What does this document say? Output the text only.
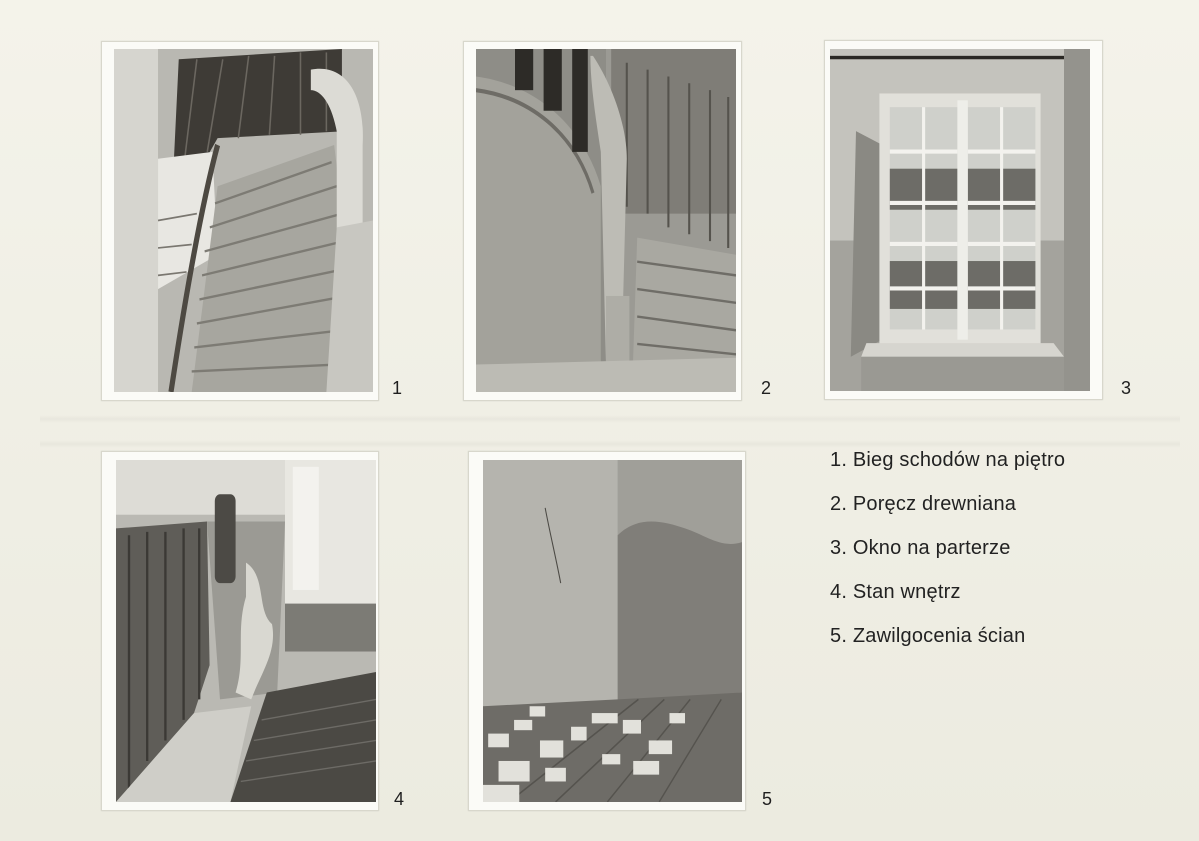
1	2	3
4	5
1. Bieg schodów na piętro
2. Poręcz drewniana
3. Okno na parterze
4. Stan wnętrz
5. Zawilgocenia ścian
